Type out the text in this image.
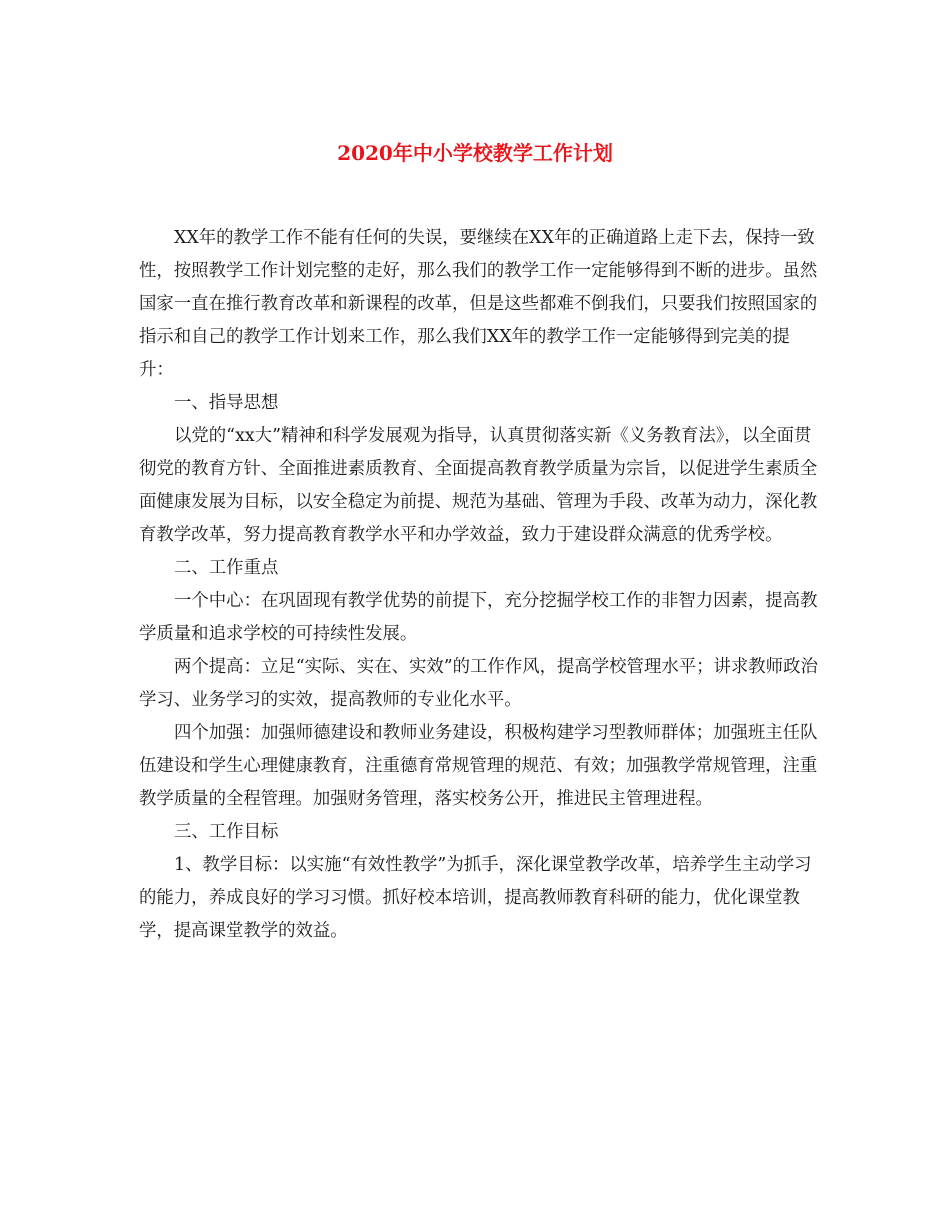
2020年中小学校教学工作计划

XX年的教学工作不能有任何的失误，要继续在XX年的正确道路上走下去，保持一致性，按照教学工作计划完整的走好，那么我们的教学工作一定能够得到不断的进步。虽然国家一直在推行教育改革和新课程的改革，但是这些都难不倒我们，只要我们按照国家的指示和自己的教学工作计划来工作，那么我们XX年的教学工作一定能够得到完美的提升：

一、指导思想

以党的“xx大”精神和科学发展观为指导，认真贯彻落实新《义务教育法》，以全面贯彻党的教育方针、全面推进素质教育、全面提高教育教学质量为宗旨，以促进学生素质全面健康发展为目标，以安全稳定为前提、规范为基础、管理为手段、改革为动力，深化教育教学改革，努力提高教育教学水平和办学效益，致力于建设群众满意的优秀学校。

二、工作重点

一个中心：在巩固现有教学优势的前提下，充分挖掘学校工作的非智力因素，提高教学质量和追求学校的可持续性发展。

两个提高：立足“实际、实在、实效”的工作作风，提高学校管理水平；讲求教师政治学习、业务学习的实效，提高教师的专业化水平。

四个加强：加强师德建设和教师业务建设，积极构建学习型教师群体；加强班主任队伍建设和学生心理健康教育，注重德育常规管理的规范、有效；加强教学常规管理，注重教学质量的全程管理。加强财务管理，落实校务公开，推进民主管理进程。

三、工作目标

1、教学目标：以实施“有效性教学”为抓手，深化课堂教学改革，培养学生主动学习的能力，养成良好的学习习惯。抓好校本培训，提高教师教育科研的能力，优化课堂教学，提高课堂教学的效益。
